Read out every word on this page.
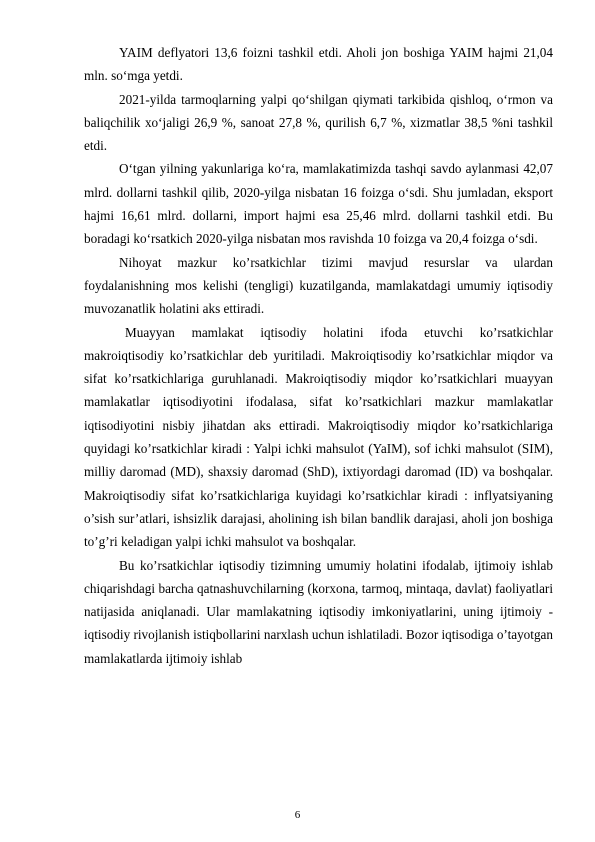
YAIM deflyatori 13,6 foizni tashkil etdi. Aholi jon boshiga YAIM hajmi 21,04 mln. so‘mga yetdi.

2021-yilda tarmoqlarning yalpi qo‘shilgan qiymati tarkibida qishloq, o‘rmon va baliqchilik xo‘jaligi 26,9 %, sanoat 27,8 %, qurilish 6,7 %, xizmatlar 38,5 %ni tashkil etdi.

O‘tgan yilning yakunlariga ko‘ra, mamlakatimizda tashqi savdo aylanmasi 42,07 mlrd. dollarni tashkil qilib, 2020-yilga nisbatan 16 foizga o‘sdi. Shu jumladan, eksport hajmi 16,61 mlrd. dollarni, import hajmi esa 25,46 mlrd. dollarni tashkil etdi. Bu boradagi ko‘rsatkich 2020-yilga nisbatan mos ravishda 10 foizga va 20,4 foizga o‘sdi.

Nihoyat mazkur ko’rsatkichlar tizimi mavjud resurslar va ulardan foydalanishning mos kelishi (tengligi) kuzatilganda, mamlakatdagi umumiy iqtisodiy muvozanatlik holatini aks ettiradi.

Muayyan mamlakat iqtisodiy holatini ifoda etuvchi ko’rsatkichlar makroiqtisodiy ko’rsatkichlar deb yuritiladi. Makroiqtisodiy ko’rsatkichlar miqdor va sifat ko’rsatkichlariga guruhlanadi. Makroiqtisodiy miqdor ko’rsatkichlari muayyan mamlakatlar iqtisodiyotini ifodalasa, sifat ko’rsatkichlari mazkur mamlakatlar iqtisodiyotini nisbiy jihatdan aks ettiradi. Makroiqtisodiy miqdor ko’rsatkichlariga quyidagi ko’rsatkichlar kiradi : Yalpi ichki mahsulot (YaIM), sof ichki mahsulot (SIM), milliy daromad (MD), shaxsiy daromad (ShD), ixtiyordagi daromad (ID) va boshqalar. Makroiqtisodiy sifat ko’rsatkichlariga kuyidagi ko’rsatkichlar kiradi : inflyatsiyaning o’sish sur’atlari, ishsizlik darajasi, aholining ish bilan bandlik darajasi, aholi jon boshiga to’g’ri keladigan yalpi ichki mahsulot va boshqalar.

Bu ko’rsatkichlar iqtisodiy tizimning umumiy holatini ifodalab, ijtimoiy ishlab chiqarishdagi barcha qatnashuvchilarning (korxona, tarmoq, mintaqa, davlat) faoliyatlari natijasida aniqlanadi. Ular mamlakatning iqtisodiy imkoniyatlarini, uning ijtimoiy - iqtisodiy rivojlanish istiqbollarini narxlash uchun ishlatiladi. Bozor iqtisodiga o’tayotgan mamlakatlarda ijtimoiy ishlab

6
